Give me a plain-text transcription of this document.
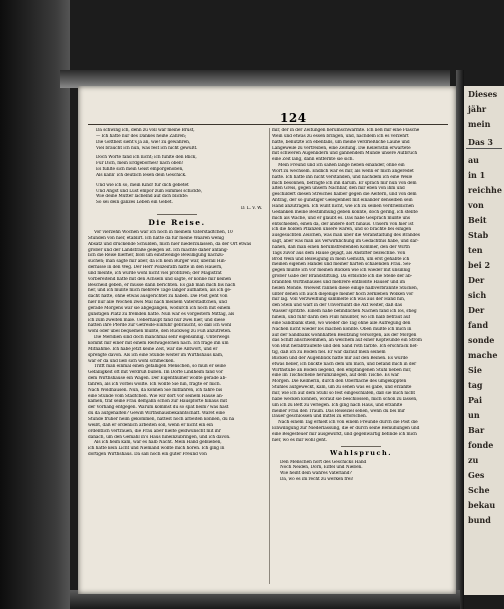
124
Da schwing ich, denn zu voll war meine Brust,
— Ich hatte nur des Dankes heiße Zähren;
Die Gottheit sieht's ja an, wie! zu gewähren,
Viel braucht ich nun, was fest ich nicht gewußt.
Doch Worte fand ich nicht; ich fühlte den Blick,
Für Dich, mein Erdgebornes! nach oben!
Es fühlte sich mein Geist emporgehoben,
Als kann' ich deutlich lesen dein Geschick.
Und wie ich so, mein Kind! für dich gebetet
Und Angst und Lust empor zum Himmel schickte,
Wie deine Mutter lächelnd auf dich blickte:
So sei dein ganzes Leben ein Gebet.
D. L. V. W.
Die Reise.
Vor vierzehn Wochen war ich noch in meinem Vaterstädtchen, 10
Stunden von hier, etablirt. Ich hatte da für meine Waaren wenig
Absatz und drückende Schulden, mich hier niederzulassen, da der Ort etwas
größer und der Landstraße gelegen ist. Ich machte daher anfäng-
lich die Reise hierher, bloß um einstweilige Bewilligung nachzu-
suchen; man sagte mir aber, da ich kein Bürger war, überall Hin-
dernisse in den Weg. Der Herr Polizeirath hatte in den Hauern,
und meinte, ich würde wohl nicht viel profitiren; der Magistrat
vorbereitend hatte mit den Achseln und sagte, er könne mir keinen
Bescheid geben, er müsse dann berichten. Es gab man mich bis nach
her, und ich mußte mich mehrere Tage länger aufhalten, als ich ge-
dacht hätte, ohne etwas ausgerichtet zu haben. Die Post geht von
hier nur alle Wochen zwei Mal nach meinem Vaterstädtchen, und
gerade Morgens war sie abgegangen, wodurch ich noch mit einem
günstigen Platz zu fremden hatte. Nun war es vorgestern Mittag, als
ich zum zweiten male. Ueberhaupt fand nur zwei hier, und diese
hatten ihre Pferde zur Getreide-Einfuhr gebraucht, so daß ich wohl
wohl oder übel bequemen mußte, den Rückweg zu Fuß anzutreten.
Die Meridien sind doch manchmal sehr eigensinnig. Unterwegs
kommt mir einer mit einem Reitwägelchen nach. Ich frage ihn um
Mitnahme. Ich habe jetzt keine Zeit, war die Antwort, und er
sprengte davon. Als ich eine Stunde weiter im Wirthshaus kam,
war er da und ließ sich wohl schmecken.
Trifft man einmal einen gefälligen Menschen, so muß er seine
Gefälligkeit oft mit Verdruß büßen. Im Dorfe Lindheim fand vor
dem Wirthshause ein Wagen. Der Eigenthümer wollte gerade ab-
fahren, als ich vorbei wollte. Ich wollte Sie hin, fragte er mich.
Nach Woldhausen. Nun, da können Sie mitfahren, ich fahre bis
eine Stunde vom Städtchen. Wie wir dort vor seinem Hause an-
kamen, traf seine Frau demjähn schon zur Hauspforte hinaus mit
der Vorhang entgegen. Warum kommst du so spät heim? was hast
du da aufgehalten? Gewiß Wirthshausbekanntschaft. Wäret eine
Stunde früher heim gekommen, hättest noch arbeiten können, du na
weißt, daß er ordenlich arbeiten soll, wenn er nicht ein ein
ordentlich vertrauen, die Frau aber hielte geldwünscht mit ihr
danach, um den Gemahl in's Haus hineinzubringen, und ich davon.
Als ich heim kam, war es halb Nacht. Mein Hand geblieben,
ich hatte kein Licht und Niemand wollte mich hören. Ich ging in
dortigen Wirthshaus. Da saß noch ein guter Freund von
mir, der in der Zeitungen herumschwärmte. Ich ließ mir eine Flasche
Wein und etwas zu essen bringen, und, nachdem ich es verzehrt
hatte, benützte ich ebenfalls, um meine verdrießliche Laune und
Langeweile zu vertreiben, eine Zeitung. Die Kelleristin erwartete
mit schweren Augenlidern und gähnendem Munde unsere Aufbruch
eine Zeit lang, dann entfernte sie sich.
Mein Freund und ich saßen lange neben einander, ohne ein
Wort zu wechseln. Endlich war es mir, als wenn er mich angeredet
hätte. Ich hatte ihn nicht verstanden, und nachdem ich eine Weile
mich besonnen, befragte ich ihn darum. Er sprach mir nun von dem
alten Greis, gegen unsern Nachbar, den mir eben von ihm und
geschildert diesen Streiches halber gegen die Aeltern, und von dem
Antrag, der so günstiger Gelegenheit mit einander denselben sein
Hand anzutragen. Ich wußt nicht, wie ich zu seinen verdrießlichen
Gedanken meine Bestimmung geben konnte, doch gering, ich stellte
mich als Wache, und er glaubt es. Das habe Gespräch mußte uns
entschieden, einen da, der andere dort hinaus. Unsern von hier ist
ich die holden Pflanzen unsere waren, und so brachte bei einigen
ausgesuchten Zeilchen, was man über die Veranstaltung des Brandes
sagt, aber was man als Verwirklichung im Gedächtnis habe, und dar-
nahen, daß man einen herumstreifenden Kommer, den der Wirth
Tags zuvor aus dem Hause gejagt, als Anstifter bezeichne. Von
Brod Wein und Bezeugung in mein Gemüth, um erst gehabte ich
meinen eigenen Handel und meiner harten schalenden Frau. Sei-
gegen mußte ich vor meinen Blicken wie ich wieder mit unsinnig
großer Gabe der Brandstiftung. Da erblickte ich die Stelle der ab-
brannten Wirthshauses und mehrere entblößte Häuser und im
hellen Monde. Wieweit rannen diese einige halbverbrannte Stücken,
unter denen ich auch diejenige meiner hoch zerkleben Wolken vor
mir lag. Voll Verzweiflung sammelte ich was aus der Hand hin,
den Stein und warf in der Unvernunft die Axt weiter, daß das
Wasser spritzte. Einem nahe befindlichen Nachen fand ich los, stieg
hinein, und fuhr darin den Fluß hinunter, wo ich halb betraut auf
eine Sandbank stieß, wo wieder die Tag ohne alle Aufregung den
Nachen nicht wieder los machen konnte. Oben mußte ich mich in
auf der Sandbank wohnhaften Besitzung versorgen, als der Morgen
das Schiff anschwemmen, an welchem auf einer Kopfwunde ein Strom
von Blut herabträufelte und den Sand roth färbte. Ich erschrack hef-
tig, daß ich zu Boden fiel. Er war darauf mein seinem
Blicken und der Augenblick hatte mir auf den Beinen. Es würde
etwas heller, ich blickte nach dem um mich, und befand mich in der
Wirthstube an Boden liegend, den empfangenen Stuhl neben mir,
eine im Tischschelle herumzulegen, auf dem Tische. Es war
Morgen. Die Kellnerin, durch den Oberfläche des umgekippten
Stuhles aufgeweckt, kam, um zu sehen was es gäbe, und erzählte
mir, wie ich auf dem Stuhl so fest eingeschlafen, daß sie mich nicht
habe wecken können, worauf sie beschlossen, mich schon zu lassen,
um ich zu Bett zu verlegen. Ich ging nach Haus, und erzählte
meiner Frau den Traum. Das Reiseziel sehen, wenn du bei mir
Dauer geschlossen und mittel zu erforschen.
Nach einem Tag erhielt ich von einem Freunde durch die Post die
Einwilligung zur Niederlassung, die er durch seine Bemühungen und
eine Beigesteuer mir ausgewirkt, und gegenwärtig befinde ich mich
hier, wo es mir wohl geht.
Wahlspruch.
Den Menschen hört des Geschicks Hand
Noch Neiden, Dörn, Eiffel und Nießen.
Wie heißt dein wahres Vaterland?
Da, wo es im recht zu werken frei!
Dieses
jähr
mein
Das 3
au
in 1
reichhe
von
Beit
Stab
ten
bei 2
Der
sich
Der
fand
sonde
mache
Sie
tag
Pai
un
Bar
fonde
zu
Ges
Sche
bekau
bund
